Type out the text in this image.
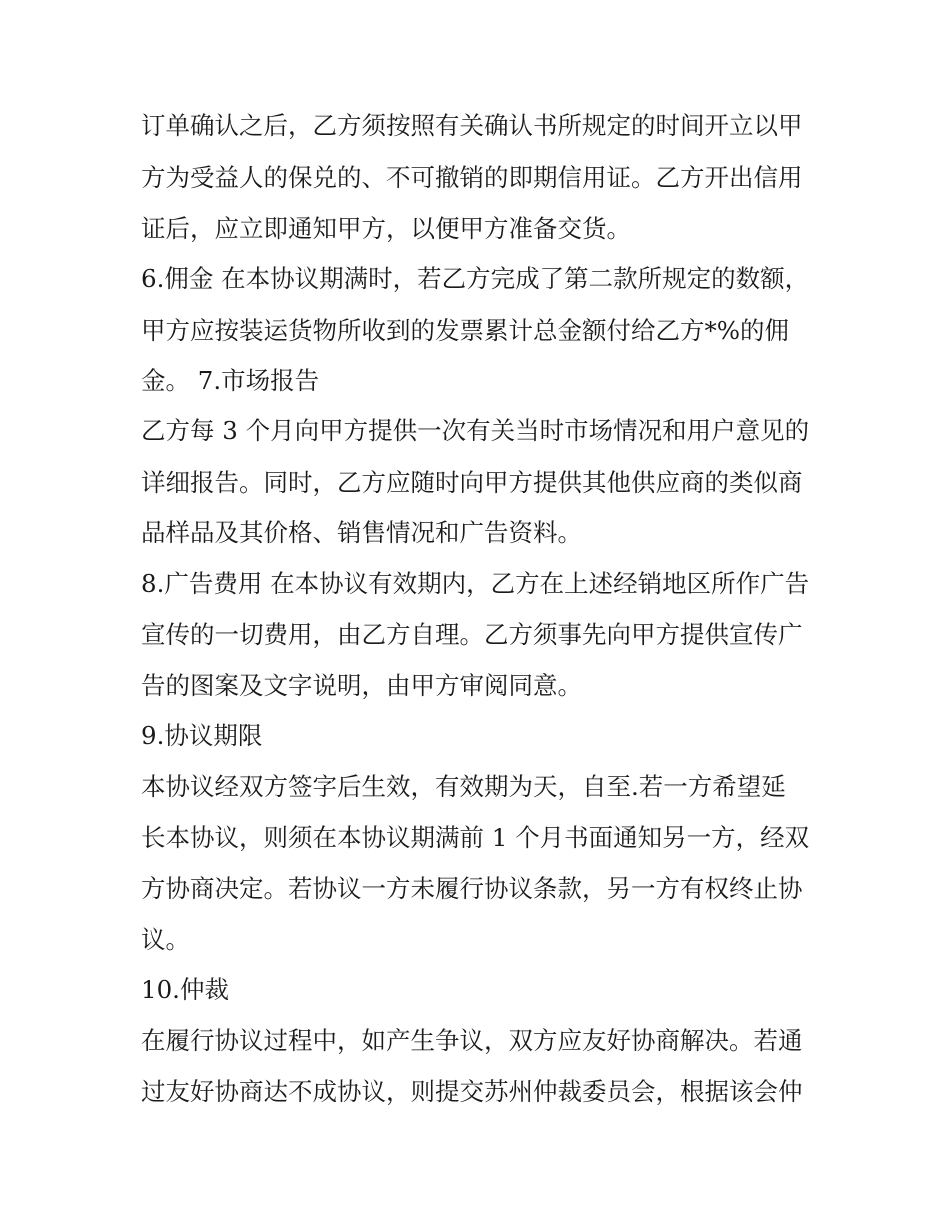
订单确认之后，乙方须按照有关确认书所规定的时间开立以甲
方为受益人的保兑的、不可撤销的即期信用证。乙方开出信用
证后，应立即通知甲方，以便甲方准备交货。
6.佣金 在本协议期满时，若乙方完成了第二款所规定的数额，
甲方应按装运货物所收到的发票累计总金额付给乙方*%的佣
金。 7.市场报告
乙方每 3 个月向甲方提供一次有关当时市场情况和用户意见的
详细报告。同时，乙方应随时向甲方提供其他供应商的类似商
品样品及其价格、销售情况和广告资料。
8.广告费用 在本协议有效期内，乙方在上述经销地区所作广告
宣传的一切费用，由乙方自理。乙方须事先向甲方提供宣传广
告的图案及文字说明，由甲方审阅同意。
9.协议期限
本协议经双方签字后生效，有效期为天，自至.若一方希望延
长本协议，则须在本协议期满前 1 个月书面通知另一方，经双
方协商决定。若协议一方未履行协议条款，另一方有权终止协
议。
10.仲裁
在履行协议过程中，如产生争议，双方应友好协商解决。若通
过友好协商达不成协议，则提交苏州仲裁委员会，根据该会仲
